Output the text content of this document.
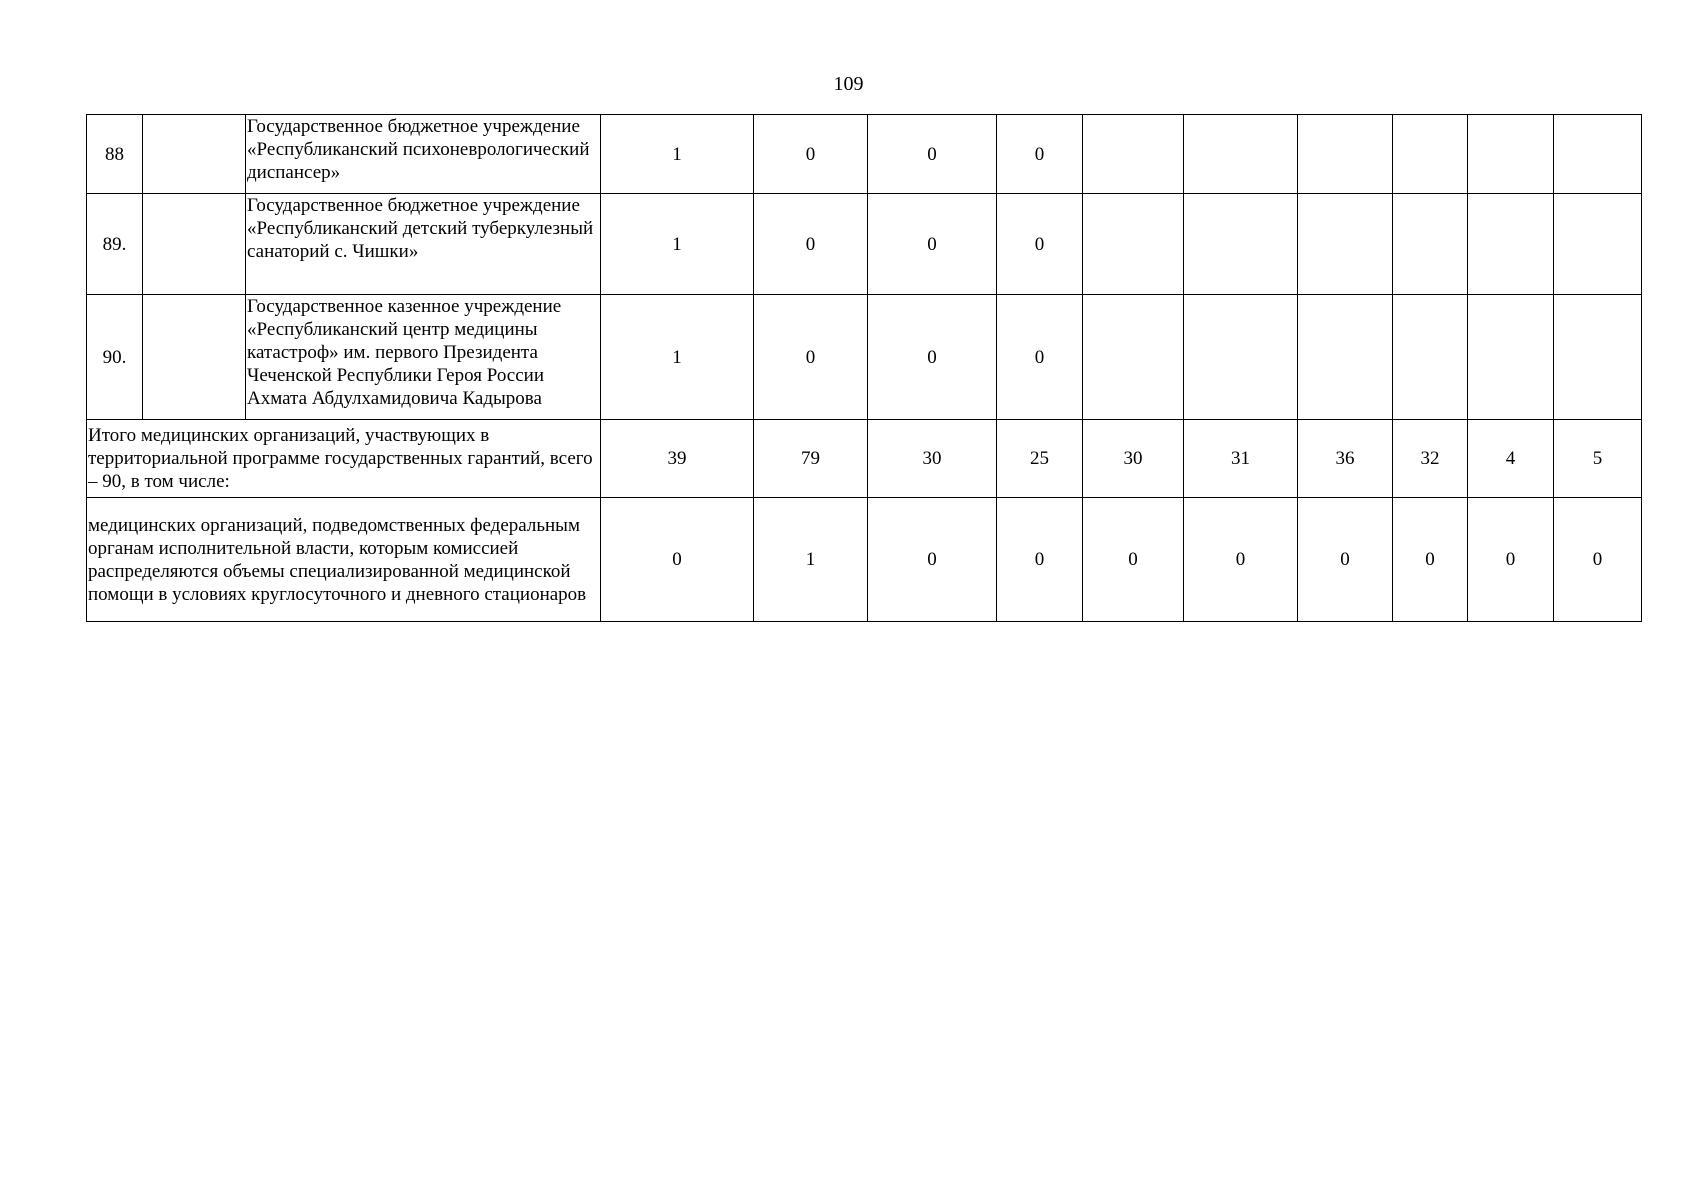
109
88		Государственное бюджетное учреждение «Республиканский психоневрологический диспансер»	1	0	0	0						
89.		Государственное бюджетное учреждение «Республиканский детский туберкулезный санаторий с. Чишки»	1	0	0	0						
90.		Государственное казенное учреждение «Республиканский центр медицины катастроф» им. первого Президента Чеченской Республики Героя России Ахмата Абдулхамидовича Кадырова	1	0	0	0						
Итого медицинских организаций, участвующих в территориальной программе государственных гарантий, всего – 90, в том числе:			39	79	30	25	30	31	36	32	4	5
медицинских организаций, подведомственных федеральным органам исполнительной власти, которым комиссией распределяются объемы специализированной медицинской помощи в условиях круглосуточного и дневного стационаров			0	1	0	0	0	0	0	0	0	0
